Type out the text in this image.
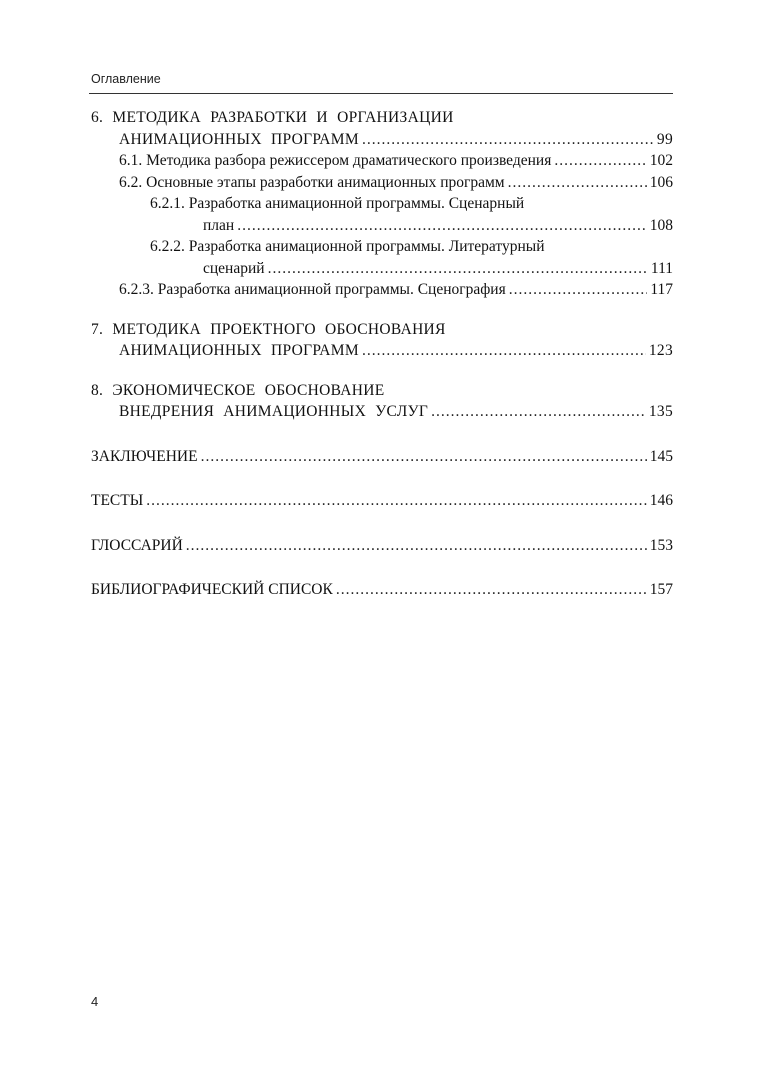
Оглавление
6. МЕТОДИКА РАЗРАБОТКИ И ОРГАНИЗАЦИИ
АНИМАЦИОННЫХ ПРОГРАММ .....	99
6.1. Методика разбора режиссером драматического произведения .....	102
6.2. Основные этапы разработки анимационных программ .....	106
6.2.1. Разработка анимационной программы. Сценарный
план .....	108
6.2.2. Разработка анимационной программы. Литературный
сценарий .....	111
6.2.3. Разработка анимационной программы. Сценография .....	117
7. МЕТОДИКА ПРОЕКТНОГО ОБОСНОВАНИЯ
АНИМАЦИОННЫХ ПРОГРАММ .....	123
8. ЭКОНОМИЧЕСКОЕ ОБОСНОВАНИЕ
ВНЕДРЕНИЯ АНИМАЦИОННЫХ УСЛУГ .....	135
ЗАКЛЮЧЕНИЕ .....	145
ТЕСТЫ .....	146
ГЛОССАРИЙ .....	153
БИБЛИОГРАФИЧЕСКИЙ СПИСОК .....	157
4
